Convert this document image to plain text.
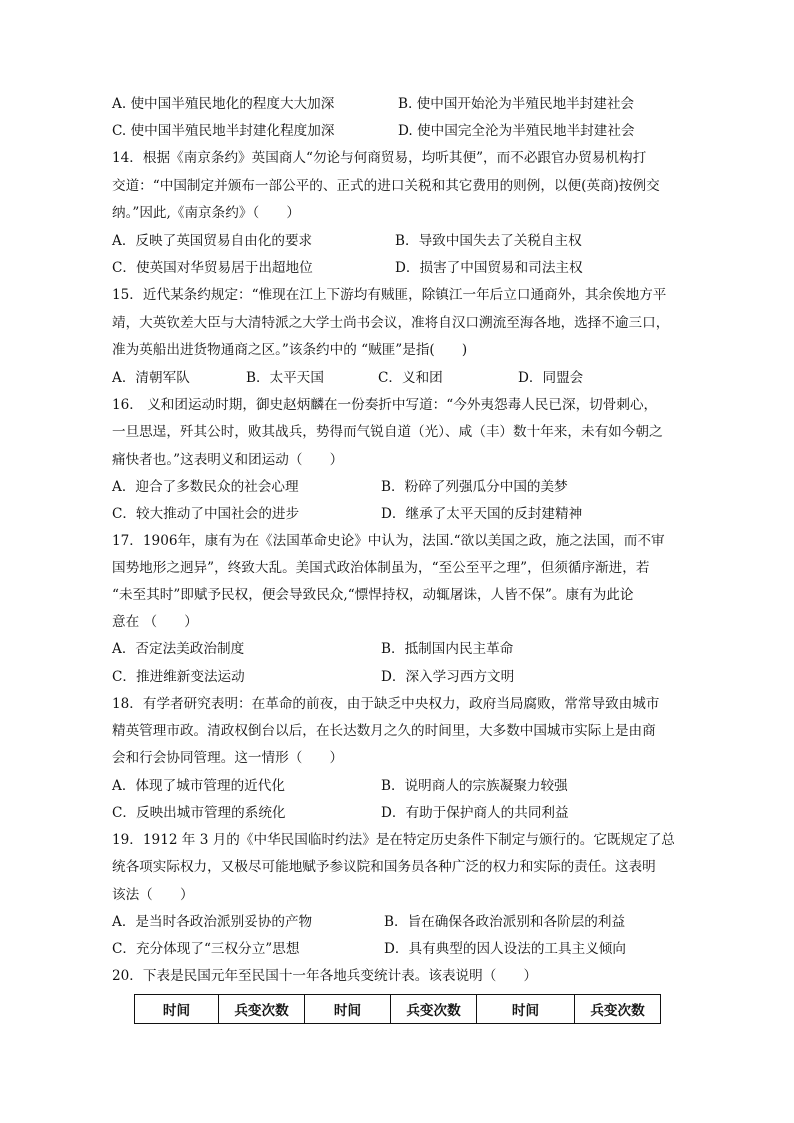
A. 使中国半殖民地化的程度大大加深	B. 使中国开始沦为半殖民地半封建社会
C. 使中国半殖民地半封建化程度加深	D. 使中国完全沦为半殖民地半封建社会
14．根据《南京条约》英国商人“勿论与何商贸易，均听其便”，而不必跟官办贸易机构打
交道：“中国制定并颁布一部公平的、正式的进口关税和其它费用的则例，以便(英商)按例交
纳。”因此,《南京条约》（　　）
A．反映了英国贸易自由化的要求	B．导致中国失去了关税自主权
C．使英国对华贸易居于出超地位	D．损害了中国贸易和司法主权
15．近代某条约规定：“惟现在江上下游均有贼匪，除镇江一年后立口通商外，其余俟地方平
靖，大英钦差大臣与大清特派之大学士尚书会议，准将自汉口溯流至海各地，选择不逾三口，
准为英船出进货物通商之区。”该条约中的 “贼匪”是指(　　)
A．清朝军队	B．太平天国	C．义和团	D．同盟会
16． 义和团运动时期，御史赵炳麟在一份奏折中写道：“今外夷怨毒人民已深，切骨刺心，
一旦思逞，歼其公时，败其战兵，势得而气锐自道（光）、咸（丰）数十年来，未有如今朝之
痛快者也。”这表明义和团运动（　　）
A．迎合了多数民众的社会心理	B．粉碎了列强瓜分中国的美梦
C．较大推动了中国社会的进步	D．继承了太平天国的反封建精神
17．1906年，康有为在《法国革命史论》中认为，法国.“欲以美国之政，施之法国，而不审
国势地形之迥异”，终致大乱。美国式政治体制虽为，“至公至平之理”，但须循序渐进，若
“未至其时”即赋予民权，便会导致民众,“慓悍持权，动辄屠诛，人皆不保”。康有为此论
意在 （　　）
A．否定法美政治制度	B．抵制国内民主革命
C．推进维新变法运动	D．深入学习西方文明
18．有学者研究表明：在革命的前夜，由于缺乏中央权力，政府当局腐败，常常导致由城市
精英管理市政。清政权倒台以后，在长达数月之久的时间里，大多数中国城市实际上是由商
会和行会协同管理。这一情形（　　）
A．体现了城市管理的近代化	B．说明商人的宗族凝聚力较强
C．反映出城市管理的系统化	D．有助于保护商人的共同利益
19．1912 年 3 月的《中华民国临时约法》是在特定历史条件下制定与颁行的。它既规定了总
统各项实际权力，又极尽可能地赋予参议院和国务员各种广泛的权力和实际的责任。这表明
该法（　　）
A．是当时各政治派别妥协的产物	B．旨在确保各政治派别和各阶层的利益
C．充分体现了“三权分立”思想	D．具有典型的因人设法的工具主义倾向
20．下表是民国元年至民国十一年各地兵变统计表。该表说明（　　）
时间	兵变次数	时间	兵变次数	时间	兵变次数
